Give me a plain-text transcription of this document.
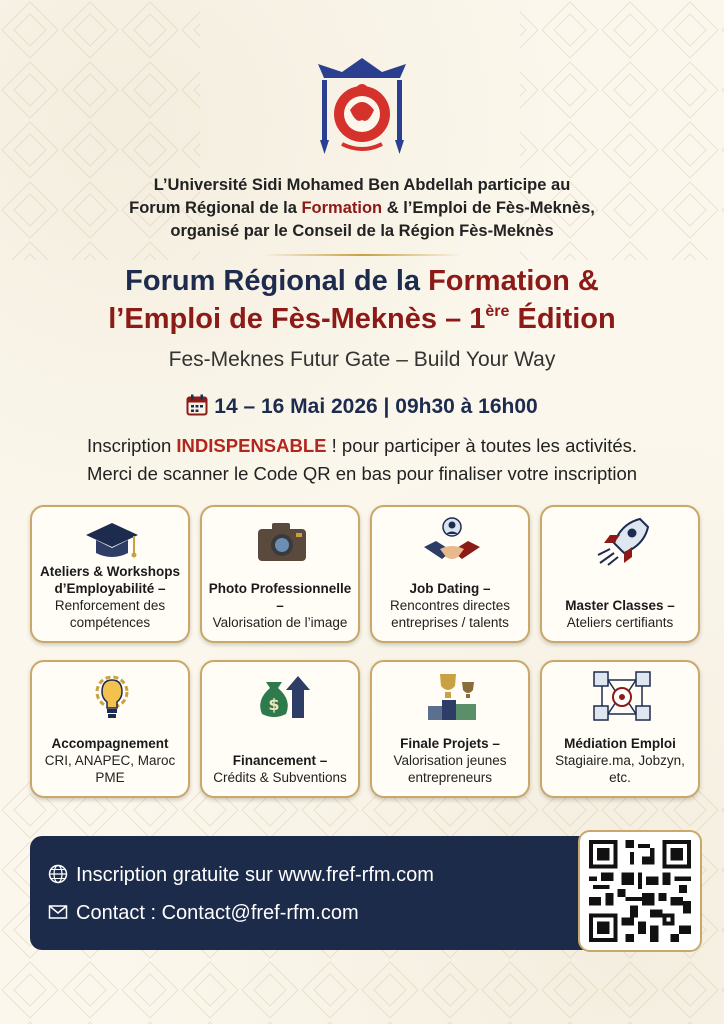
L’Université Sidi Mohamed Ben Abdellah participe au
Forum Régional de la Formation & l’Emploi de Fès-Meknès,
organisé par le Conseil de la Région Fès-Meknès
Forum Régional de la Formation &
l’Emploi de Fès-Meknès – 1ère Édition
Fes-Meknes Futur Gate – Build Your Way
14 – 16 Mai 2026 | 09h30 à 16h00
Inscription INDISPENSABLE ! pour participer à toutes les activités.
Merci de scanner le Code QR en bas pour finaliser votre inscription
Ateliers & Workshops d’Employabilité –
Renforcement des compétences
Photo Professionnelle –
Valorisation de l’image
Job Dating –
Rencontres directes entreprises / talents
Master Classes –
Ateliers certifiants
Accompagnement
CRI, ANAPEC, Maroc PME
$
Financement –
Crédits & Subventions
Finale Projets –
Valorisation jeunes entrepreneurs
Médiation Emploi
Stagiaire.ma, Jobzyn, etc.
Inscription gratuite sur www.fref-rfm.com
Contact : Contact@fref-rfm.com
